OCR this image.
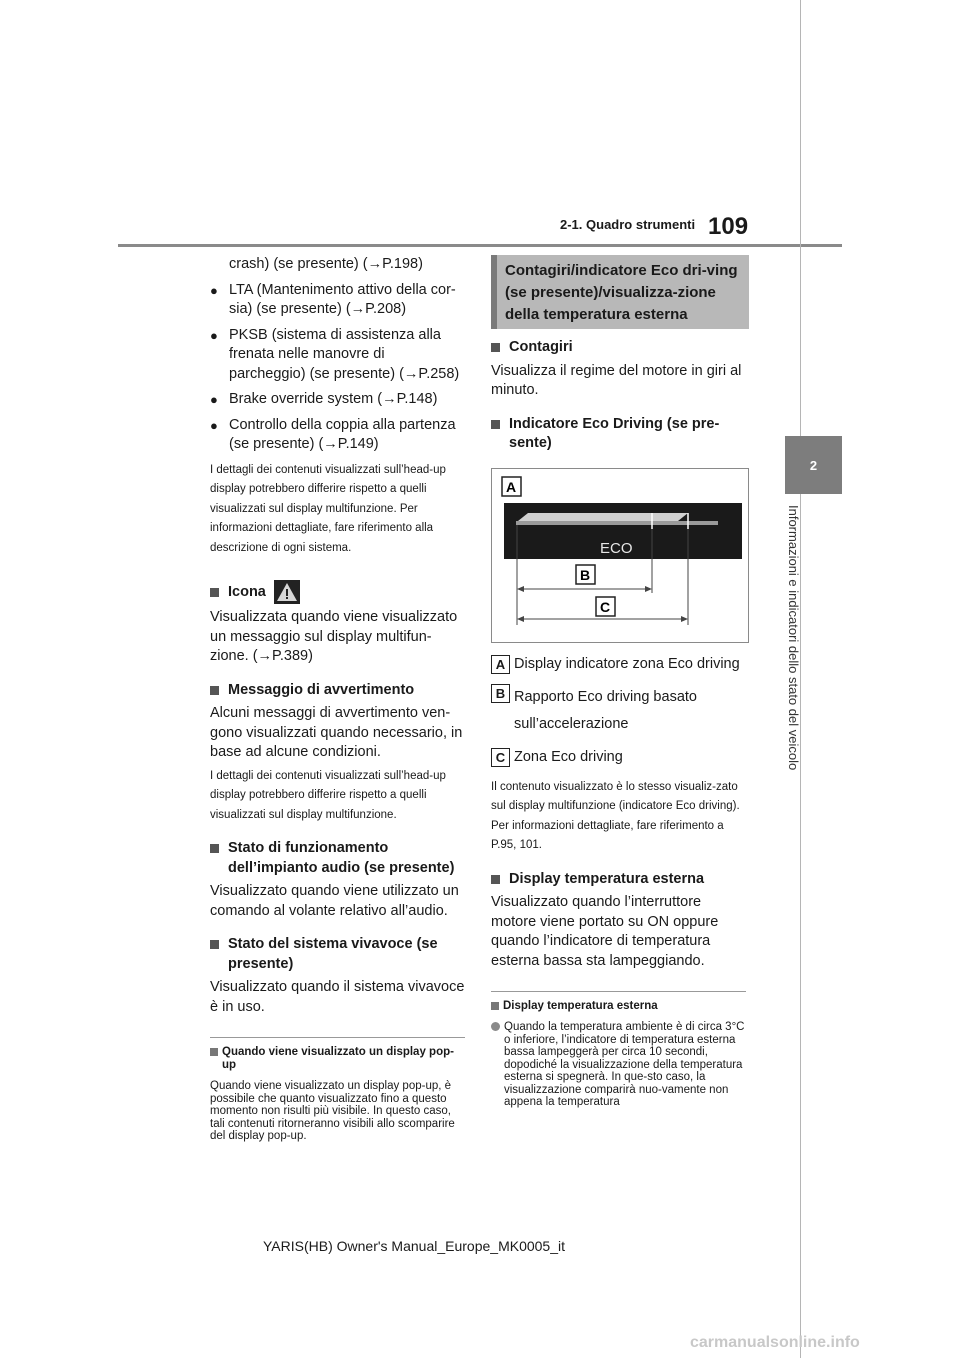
2-1. Quadro strumenti 109
2
Informazioni e indicatori dello stato del veicolo

crash) (se presente) (→P.198)

● LTA (Mantenimento attivo della cor-sia) (se presente) (→P.208)
● PKSB (sistema di assistenza alla frenata nelle manovre di parcheggio) (se presente) (→P.258)
● Brake override system (→P.148)
● Controllo della coppia alla partenza (se presente) (→P.149)

I dettagli dei contenuti visualizzati sull’head-up display potrebbero differire rispetto a quelli visualizzati sul display multifunzione. Per informazioni dettagliate, fare riferimento alla descrizione di ogni sistema.

Icona

Visualizzata quando viene visualizzato un messaggio sul display multifun-zione. (→P.389)

Messaggio di avvertimento

Alcuni messaggi di avvertimento ven-gono visualizzati quando necessario, in base ad alcune condizioni.

I dettagli dei contenuti visualizzati sull’head-up display potrebbero differire rispetto a quelli visualizzati sul display multifunzione.

Stato di funzionamento dell’impianto audio (se presente)

Visualizzato quando viene utilizzato un comando al volante relativo all’audio.

Stato del sistema vivavoce (se presente)

Visualizzato quando il sistema vivavoce è in uso.

Quando viene visualizzato un display pop-up

Quando viene visualizzato un display pop-up, è possibile che quanto visualizzato fino a questo momento non risulti più visibile. In questo caso, tali contenuti ritorneranno visibili allo scomparire del display pop-up.

Contagiri/indicatore Eco dri-ving (se presente)/visualizza-zione della temperatura esterna
Contagiri

Visualizza il regime del motore in giri al minuto.

Indicatore Eco Driving (se pre-sente)
ECO
A
B
C
A Display indicatore zona Eco driving
B Rapporto Eco driving basato sull’accelerazione
C Zona Eco driving

Il contenuto visualizzato è lo stesso visualiz-zato sul display multifunzione (indicatore Eco driving). Per informazioni dettagliate, fare riferimento a P.95, 101.

Display temperatura esterna

Visualizzato quando l’interruttore motore viene portato su ON oppure quando l’indicatore di temperatura esterna bassa sta lampeggiando.

Display temperatura esterna
Quando la temperatura ambiente è di circa 3°C o inferiore, l’indicatore di temperatura esterna bassa lampeggerà per circa 10 secondi, dopodiché la visualizzazione della temperatura esterna si spegnerà. In que-sto caso, la visualizzazione comparirà nuo-vamente non appena la temperatura
YARIS(HB) Owner's Manual_Europe_MK0005_it
carmanualsonline.info
